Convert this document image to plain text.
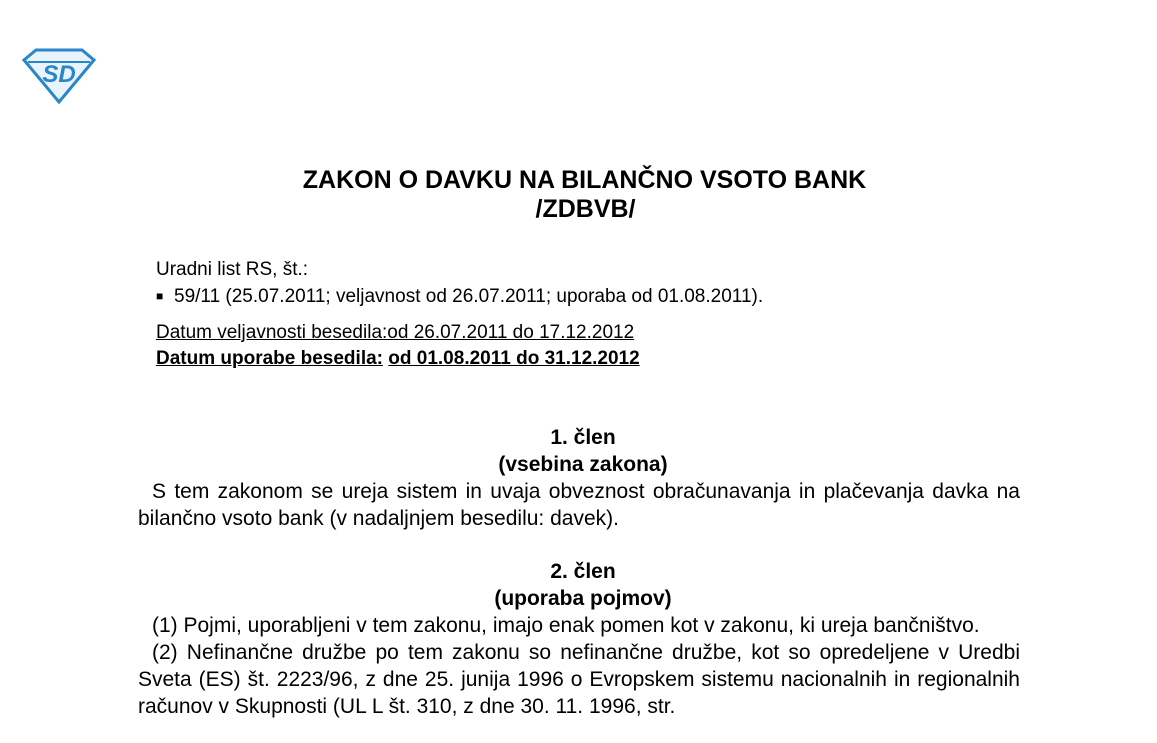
SD
ZAKON O DAVKU NA BILANČNO VSOTO BANK
/ZDBVB/
Uradni list RS, št.:
■ 59/11 (25.07.2011; veljavnost od 26.07.2011; uporaba od 01.08.2011).
Datum veljavnosti besedila:od 26.07.2011 do 17.12.2012
Datum uporabe besedila: od 01.08.2011 do 31.12.2012
1. člen
(vsebina zakona)
S tem zakonom se ureja sistem in uvaja obveznost obračunavanja in plačevanja davka na bilančno vsoto bank (v nadaljnjem besedilu: davek).
2. člen
(uporaba pojmov)
(1) Pojmi, uporabljeni v tem zakonu, imajo enak pomen kot v zakonu, ki ureja bančništvo.
(2) Nefinančne družbe po tem zakonu so nefinančne družbe, kot so opredeljene v Uredbi Sveta (ES) št. 2223/96, z dne 25. junija 1996 o Evropskem sistemu nacionalnih in regionalnih računov v Skupnosti (UL L št. 310, z dne 30. 11. 1996, str.
